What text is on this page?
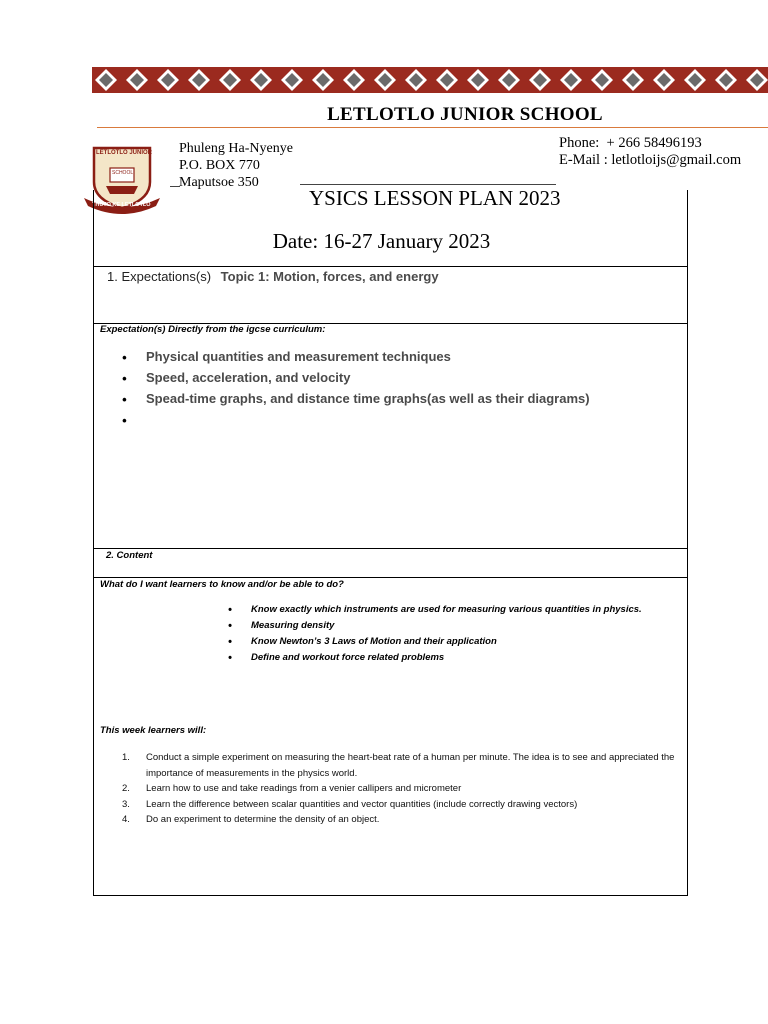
LETLOTLO JUNIOR SCHOOL
LETLOTLO JUNIOR
SCHOOL
THUTO KE LETLOTLO
Phuleng Ha-Nyenye
P.O. BOX 770
Maputsoe 350
Phone:  + 266 58496193
E-Mail : letlotloijs@gmail.com
YSICS LESSON PLAN 2023
Date: 16-27 January 2023
1. Expectations(s) Topic 1: Motion, forces, and energy
Expectation(s) Directly from the igcse curriculum:
• Physical quantities and measurement techniques
• Speed, acceleration, and velocity
• Spead-time graphs, and distance time graphs(as well as their diagrams)
•
2. Content
What do I want learners to know and/or be able to do?
• Know exactly which instruments are used for measuring various quantities in physics.
• Measuring density
• Know Newton’s 3 Laws of Motion and their application
• Define and workout force related problems
This week learners will:
1. Conduct a simple experiment on measuring the heart-beat rate of a human per minute. The idea is to see and appreciated the importance of measurements in the physics world.
2. Learn how to use and take readings from a venier callipers and micrometer
3. Learn the difference between scalar quantities and vector quantities (include correctly drawing vectors)
4. Do an experiment to determine the density of an object.
